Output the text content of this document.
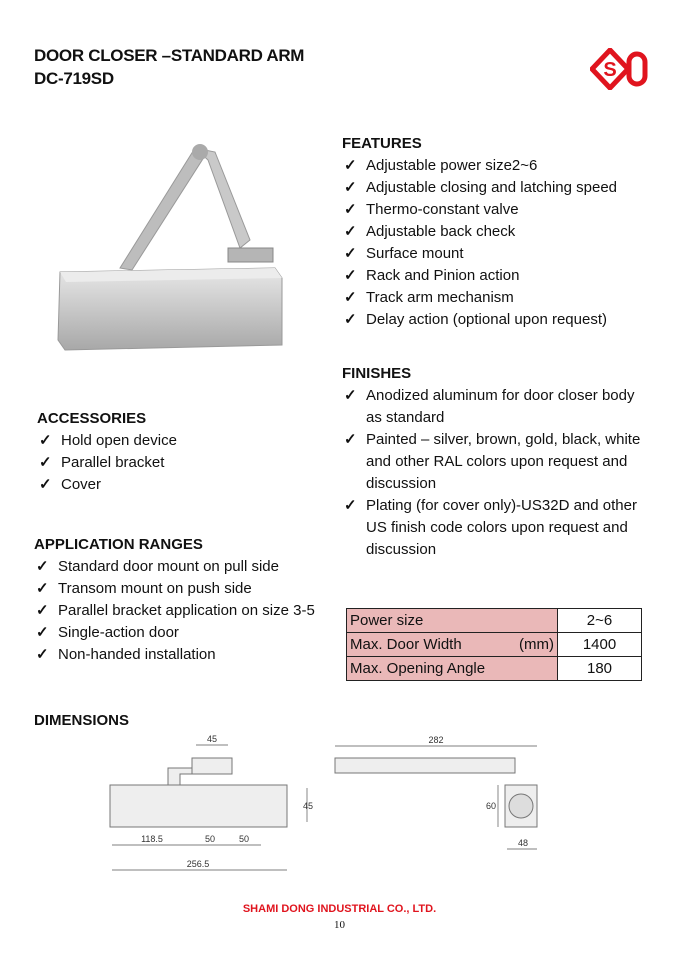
DOOR CLOSER –STANDARD ARM
DC-719SD	S
FEATURES
✓ Adjustable power size2~6
✓ Adjustable closing and latching speed
✓ Thermo-constant valve
✓ Adjustable back check
✓ Surface mount
✓ Rack and Pinion action
✓ Track arm mechanism
✓ Delay action (optional upon request)
FINISHES
✓ Anodized aluminum for door closer body as standard
✓ Painted – silver, brown, gold, black, white and other RAL colors upon request and discussion
✓ Plating (for cover only)-US32D and other US finish code colors upon request and discussion
ACCESSORIES
✓ Hold open device
✓ Parallel bracket
✓ Cover
APPLICATION RANGES
✓ Standard door mount on pull side
✓ Transom mount on push side
✓ Parallel bracket application on size 3-5
✓ Single-action door
✓ Non-handed installation
Power size	2~6
Max. Door Width (mm)	1400
Max. Opening Angle	180
DIMENSIONS
45
45
118.5	50	50
256.5
282
60
48
SHAMI DONG INDUSTRIAL CO., LTD.
10
